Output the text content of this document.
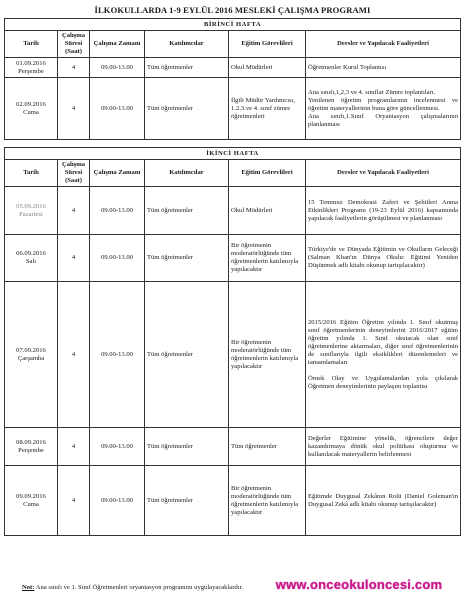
İLKOKULLARDA 1-9 EYLÜL 2016 MESLEKİ ÇALIŞMA PROGRAMI
BİRİNCİ HAFTA					
Tarih	Çalışma Süresi (Saat)	Çalışma Zamanı	Katılımcılar	Eğitim Görevlileri	Dersler ve Yapılacak Faaliyetleri

01.09.2016
Perşembe	4	09.00-13.00	Tüm öğretmenler	Okul Müdürleri	Öğretmenler Kurul Toplantısı

02.09.2016
Cuma	4	09.00-13.00	Tüm öğretmenler	İlgili Müdür Yardımcısı, 1.2.3.ve 4. sınıf zümre öğretmenleri	Ana sınıfı,1,2,3 ve 4. sınıflar Zümre toplantıları.
Yenilenen öğretim programlarının incelenmesi ve öğretim materyallerinin buna göre güncellenmesi.
Ana sınıfı,1.Sınıf Oryantasyon çalışmalarının planlanması

İKİNCİ HAFTA					
Tarih	Çalışma Süresi (Saat)	Çalışma Zamanı	Katılımcılar	Eğitim Görevlileri	Dersler ve Yapılacak Faaliyetleri

05.09.2016
Pazartesi	4	09.00-13.00	Tüm öğretmenler	Okul Müdürleri	15 Temmuz Demokrasi Zaferi ve Şehitleri Anma Etkinlikleri Programı (19-23 Eylül 2016) kapsamında yapılacak faaliyetlerin görüşülmesi ve planlanması

06.09.2016
Salı	4	09.00-13.00	Tüm öğretmenler	Bir öğretmenin moderatörlüğünde tüm öğretmenlerin katılımıyla yapılacaktır	Türkiye'de ve Dünyada Eğitimin ve Okulların Geleceği (Salman Khan'ın Dünya Okulu: Eğitimi Yeniden Düşünmek adlı kitabı okunup tartışılacaktır)

07.09.2016
Çarşamba	4	09.00-13.00	Tüm öğretmenler	Bir öğretmenin moderatörlüğünde tüm öğretmenlerin katılımıyla yapılacaktır	2015/2016 Eğitim Öğretim yılında 1. Sınıf okutmuş sınıf öğretmenlerinin deneyimlerini 2016/2017 eğitim öğretim yılında 1. Sınıf okutacak olan sınıf öğretmenlerine aktarmaları, diğer sınıf öğretmenlerinin de sınıflarıyla ilgili eksiklikleri düzenlemeleri ve tamamlamaları
Örnek Olay ve Uygulamalardan yola çıkılarak Öğretmen deneyimlerinin paylaşım toplantısı

08.09.2016
Perşembe	4	09.00-13.00	Tüm öğretmenler	Tüm öğretmenler	Değerler Eğitimine yönelik, öğrencilere değer kazandırmaya dönük okul politikası oluşturma ve kullanılacak materyallerin belirlenmesi

09.09.2016
Cuma	4	09.00-13.00	Tüm öğretmenler	Bir öğretmenin moderatörlüğünde tüm öğretmenlerin katılımıyla yapılacaktır	Eğitimde Duygusal Zekânın Rolü (Daniel Goleman'ın Duygusal Zekâ adlı kitabı okunup tartışılacaktır)
Not: Ana sınıfı ve 1. Sınıf Öğretmenleri oryantasyon programını uygulayacaklardır.	www.onceokuloncesi.com
